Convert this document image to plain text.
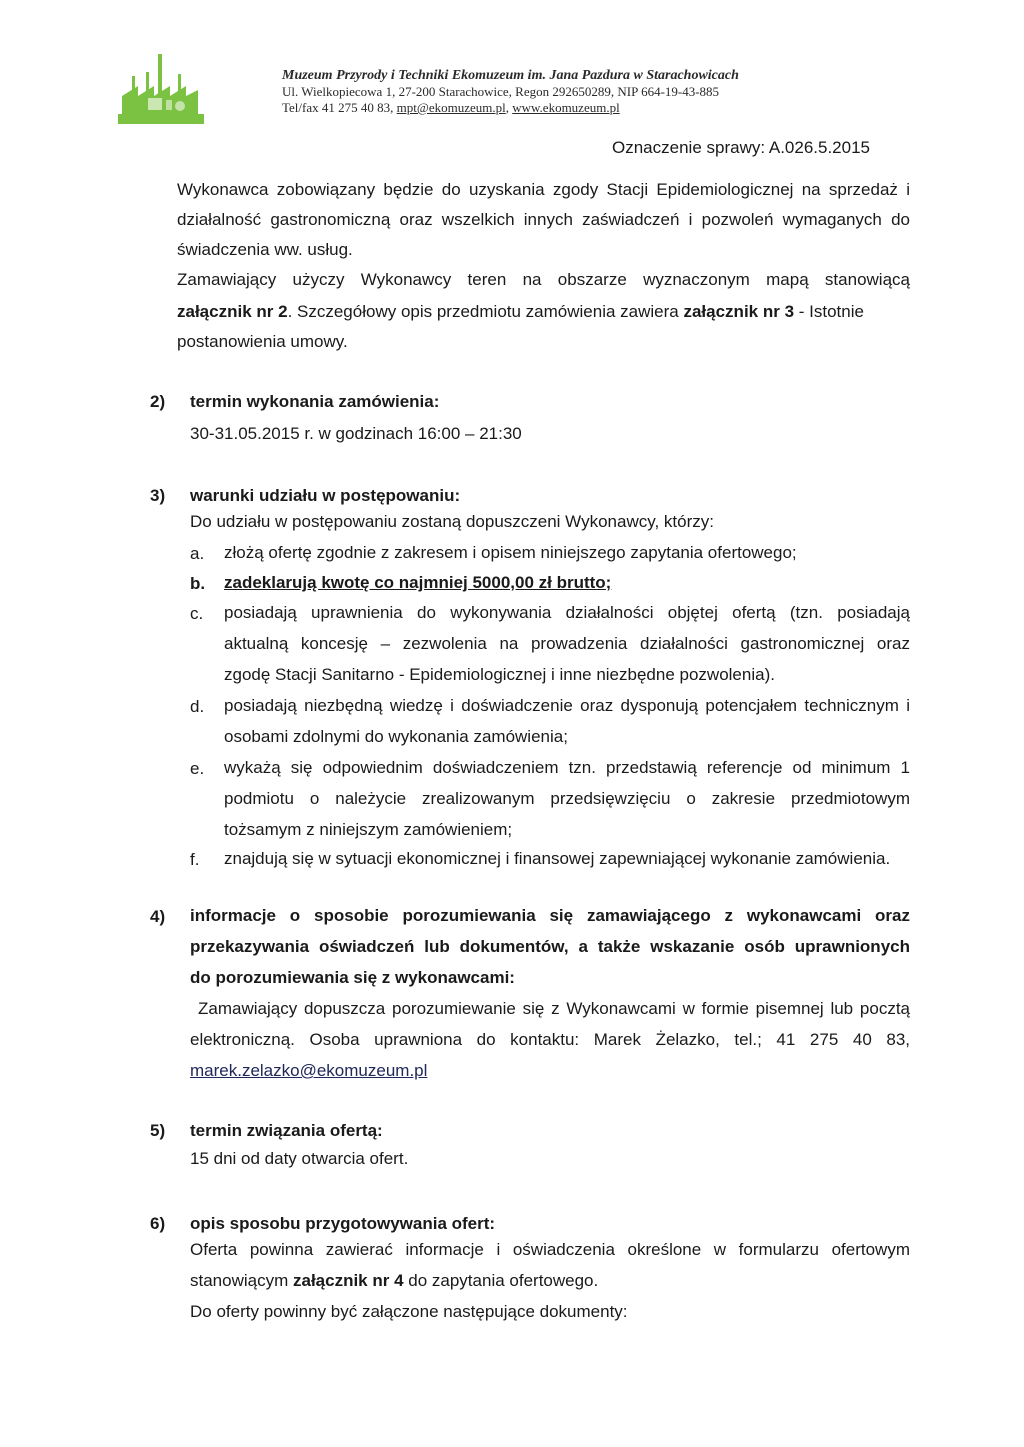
Muzeum Przyrody i Techniki Ekomuzeum im. Jana Pazdura w Starachowicach
Ul. Wielkopiecowa 1, 27-200 Starachowice, Regon 292650289, NIP 664-19-43-885
Tel/fax 41 275 40 83, mpt@ekomuzeum.pl, www.ekomuzeum.pl
Oznaczenie sprawy: A.026.5.2015
Wykonawca zobowiązany będzie do uzyskania zgody Stacji Epidemiologicznej na sprzedaż i
działalność gastronomiczną oraz wszelkich innych zaświadczeń i pozwoleń wymaganych do
świadczenia ww. usług.
Zamawiający użyczy Wykonawcy teren na obszarze wyznaczonym mapą stanowiącą
załącznik nr 2. Szczegółowy opis przedmiotu zamówienia zawiera załącznik nr 3 - Istotnie
postanowienia umowy.
2) termin wykonania zamówienia:
30-31.05.2015 r. w godzinach 16:00 – 21:30
3) warunki udziału w postępowaniu:
Do udziału w postępowaniu zostaną dopuszczeni Wykonawcy, którzy:
a. złożą ofertę zgodnie z zakresem i opisem niniejszego zapytania ofertowego;
b. zadeklarują kwotę co najmniej 5000,00 zł brutto;
c. posiadają uprawnienia do wykonywania działalności objętej ofertą (tzn. posiadają
aktualną koncesję – zezwolenia na prowadzenia działalności gastronomicznej oraz
zgodę Stacji Sanitarno - Epidemiologicznej i inne niezbędne pozwolenia).
d. posiadają niezbędną wiedzę i doświadczenie oraz dysponują potencjałem technicznym i
osobami zdolnymi do wykonania zamówienia;
e. wykażą się odpowiednim doświadczeniem tzn. przedstawią referencje od minimum 1
podmiotu o należycie zrealizowanym przedsięwzięciu o zakresie przedmiotowym
tożsamym z niniejszym zamówieniem;
f. znajdują się w sytuacji ekonomicznej i finansowej zapewniającej wykonanie zamówienia.
4) informacje o sposobie porozumiewania się zamawiającego z wykonawcami oraz
przekazywania oświadczeń lub dokumentów, a także wskazanie osób uprawnionych
do porozumiewania się z wykonawcami:
Zamawiający dopuszcza porozumiewanie się z Wykonawcami w formie pisemnej lub pocztą
elektroniczną. Osoba uprawniona do kontaktu: Marek Żelazko, tel.; 41 275 40 83,
marek.zelazko@ekomuzeum.pl
5) termin związania ofertą:
15 dni od daty otwarcia ofert.
6) opis sposobu przygotowywania ofert:
Oferta powinna zawierać informacje i oświadczenia określone w formularzu ofertowym
stanowiącym załącznik nr 4 do zapytania ofertowego.
Do oferty powinny być załączone następujące dokumenty:
